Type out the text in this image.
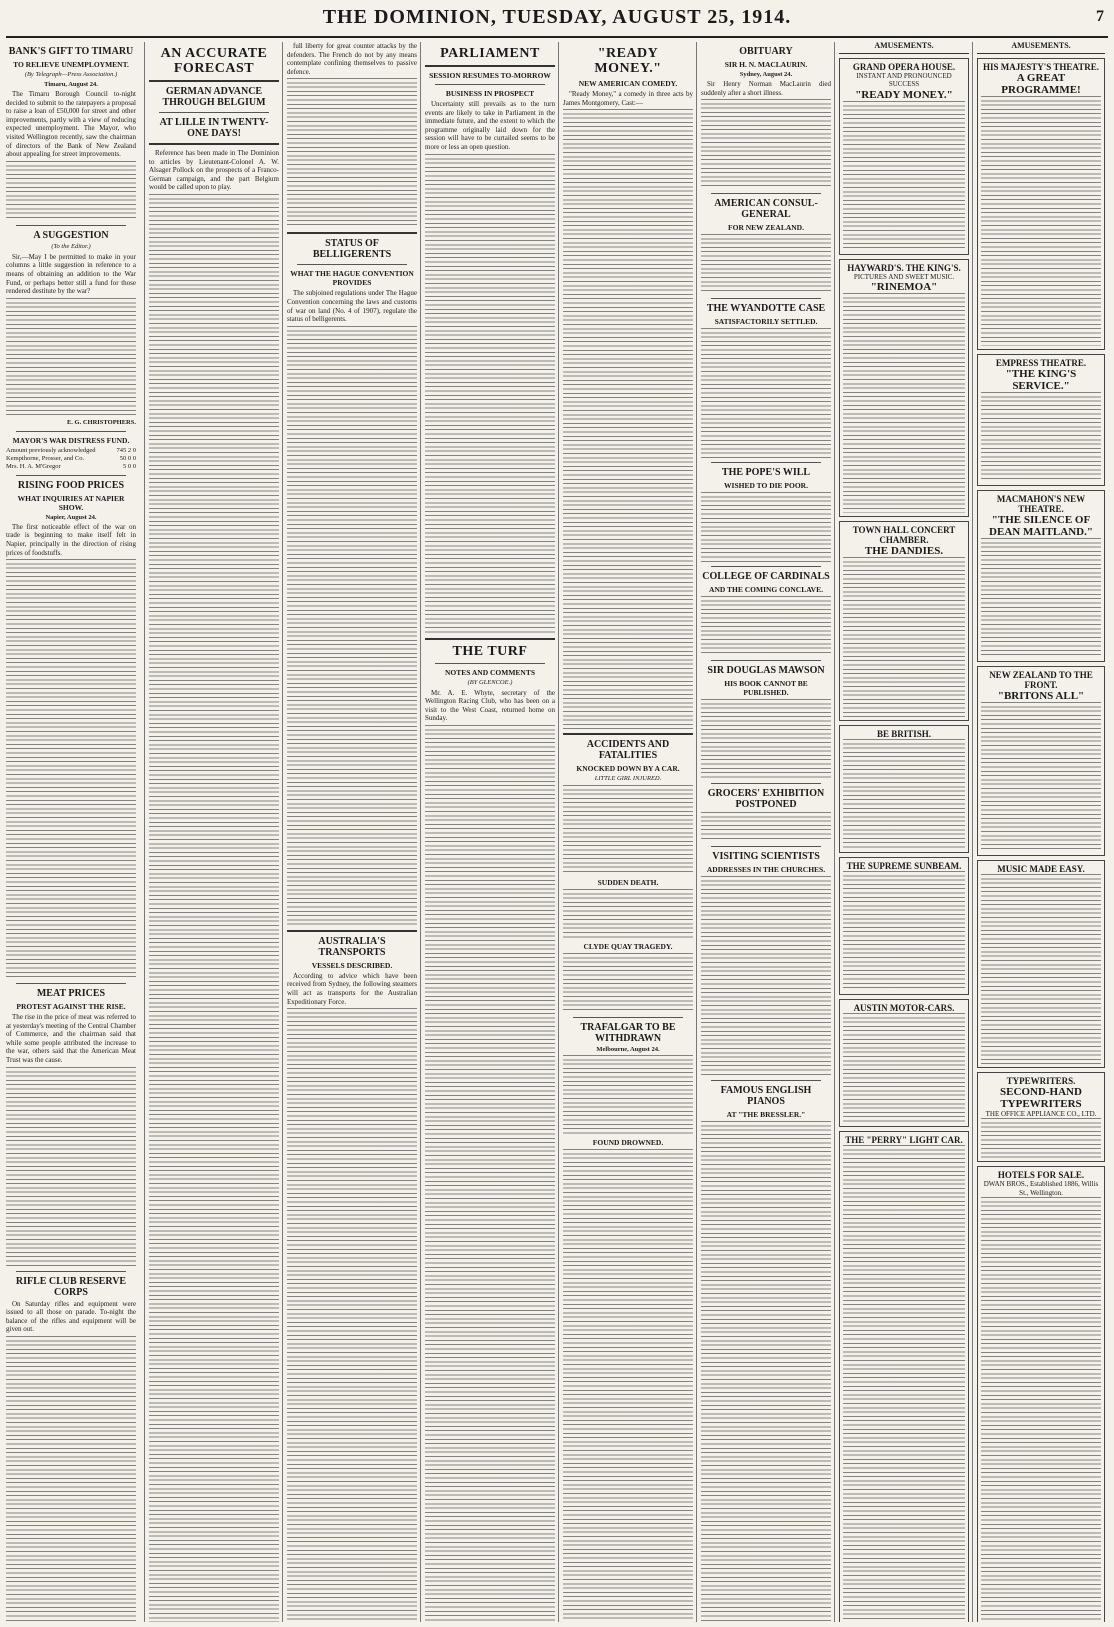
THE DOMINION, TUESDAY, AUGUST 25, 1914.	7
BANK'S GIFT TO TIMARU
TO RELIEVE UNEMPLOYMENT.
(By Telegraph—Press Association.)
Timaru, August 24.

The Timaru Borough Council to-night decided to submit to the ratepayers a proposal to raise a loan of £50,000 for street and other improvements, partly with a view of reducing expected unemployment. The Mayor, who visited Wellington recently, saw the chairman of directors of the Bank of New Zealand about appealing for street improvements.

A SUGGESTION
(To the Editor.)

Sir,—May I be permitted to make in your columns a little suggestion in reference to a means of obtaining an addition to the War Fund, or perhaps better still a fund for those rendered destitute by the war?

E. G. CHRISTOPHERS.
MAYOR'S WAR DISTRESS FUND.
Amount previously acknowledged	745 2 0
Kempthorne, Prosser, and Co.	50 0 0
Mrs. H. A. M'Gregor	5 0 0
RISING FOOD PRICES
WHAT INQUIRIES AT NAPIER SHOW.
Napier, August 24.

The first noticeable effect of the war on trade is beginning to make itself felt in Napier, principally in the direction of rising prices of foodstuffs.

MEAT PRICES
PROTEST AGAINST THE RISE.

The rise in the price of meat was referred to at yesterday's meeting of the Central Chamber of Commerce, and the chairman said that while some people attributed the increase to the war, others said that the American Meat Trust was the cause.

RIFLE CLUB RESERVE CORPS

On Saturday rifles and equipment were issued to all those on parade. To-night the balance of the rifles and equipment will be given out.

AN ACCURATE FORECAST
GERMAN ADVANCE THROUGH BELGIUM
AT LILLE IN TWENTY-ONE DAYS!

Reference has been made in The Dominion to articles by Lieutenant-Colonel A. W. Alsager Pollock on the prospects of a Franco-German campaign, and the part Belgium would be called upon to play.

full liberty for great counter attacks by the defenders. The French do not by any means contemplate confining themselves to passive defence.

STATUS OF BELLIGERENTS
WHAT THE HAGUE CONVENTION PROVIDES

The subjoined regulations under The Hague Convention concerning the laws and customs of war on land (No. 4 of 1907), regulate the status of belligerents.

AUSTRALIA'S TRANSPORTS
VESSELS DESCRIBED.

According to advice which have been received from Sydney, the following steamers will act as transports for the Australian Expeditionary Force.

PARLIAMENT
SESSION RESUMES TO-MORROW
BUSINESS IN PROSPECT

Uncertainty still prevails as to the turn events are likely to take in Parliament in the immediate future, and the extent to which the programme originally laid down for the session will have to be curtailed seems to be more or less an open question.

THE TURF
NOTES AND COMMENTS
(BY GLENCOE.)

Mr. A. E. Whyte, secretary of the Wellington Racing Club, who has been on a visit to the West Coast, returned home on Sunday.

"READY MONEY."
NEW AMERICAN COMEDY.

"Ready Money," a comedy in three acts by James Montgomery, Cast:—

ACCIDENTS AND FATALITIES
KNOCKED DOWN BY A CAR.
LITTLE GIRL INJURED.
SUDDEN DEATH.
CLYDE QUAY TRAGEDY.
TRAFALGAR TO BE WITHDRAWN
Melbourne, August 24.
FOUND DROWNED.
OBITUARY
SIR H. N. MACLAURIN.
Sydney, August 24.

Sir Henry Norman MacLaurin died suddenly after a short illness.

AMERICAN CONSUL-GENERAL
FOR NEW ZEALAND.
THE WYANDOTTE CASE
SATISFACTORILY SETTLED.
THE POPE'S WILL
WISHED TO DIE POOR.
COLLEGE OF CARDINALS
AND THE COMING CONCLAVE.
SIR DOUGLAS MAWSON
HIS BOOK CANNOT BE PUBLISHED.
GROCERS' EXHIBITION POSTPONED
VISITING SCIENTISTS
ADDRESSES IN THE CHURCHES.
FAMOUS ENGLISH PIANOS
AT "THE BRESSLER."
AMUSEMENTS.
GRAND OPERA HOUSE.
INSTANT AND PRONOUNCED SUCCESS
"READY MONEY."
HAYWARD'S. THE KING'S.
PICTURES AND SWEET MUSIC.
"RINEMOA"
TOWN HALL CONCERT CHAMBER.
THE DANDIES.
BE BRITISH.
THE SUPREME SUNBEAM.
AUSTIN MOTOR-CARS.
THE "PERRY" LIGHT CAR.
AMUSEMENTS.
HIS MAJESTY'S THEATRE.
A GREAT PROGRAMME!
EMPRESS THEATRE.
"THE KING'S SERVICE."
MACMAHON'S NEW THEATRE.
"THE SILENCE OF DEAN MAITLAND."
NEW ZEALAND TO THE FRONT.
"BRITONS ALL"
MUSIC MADE EASY.
TYPEWRITERS.
SECOND-HAND TYPEWRITERS
THE OFFICE APPLIANCE CO., LTD.
HOTELS FOR SALE.
DWAN BROS., Established 1886, Willis St., Wellington.
